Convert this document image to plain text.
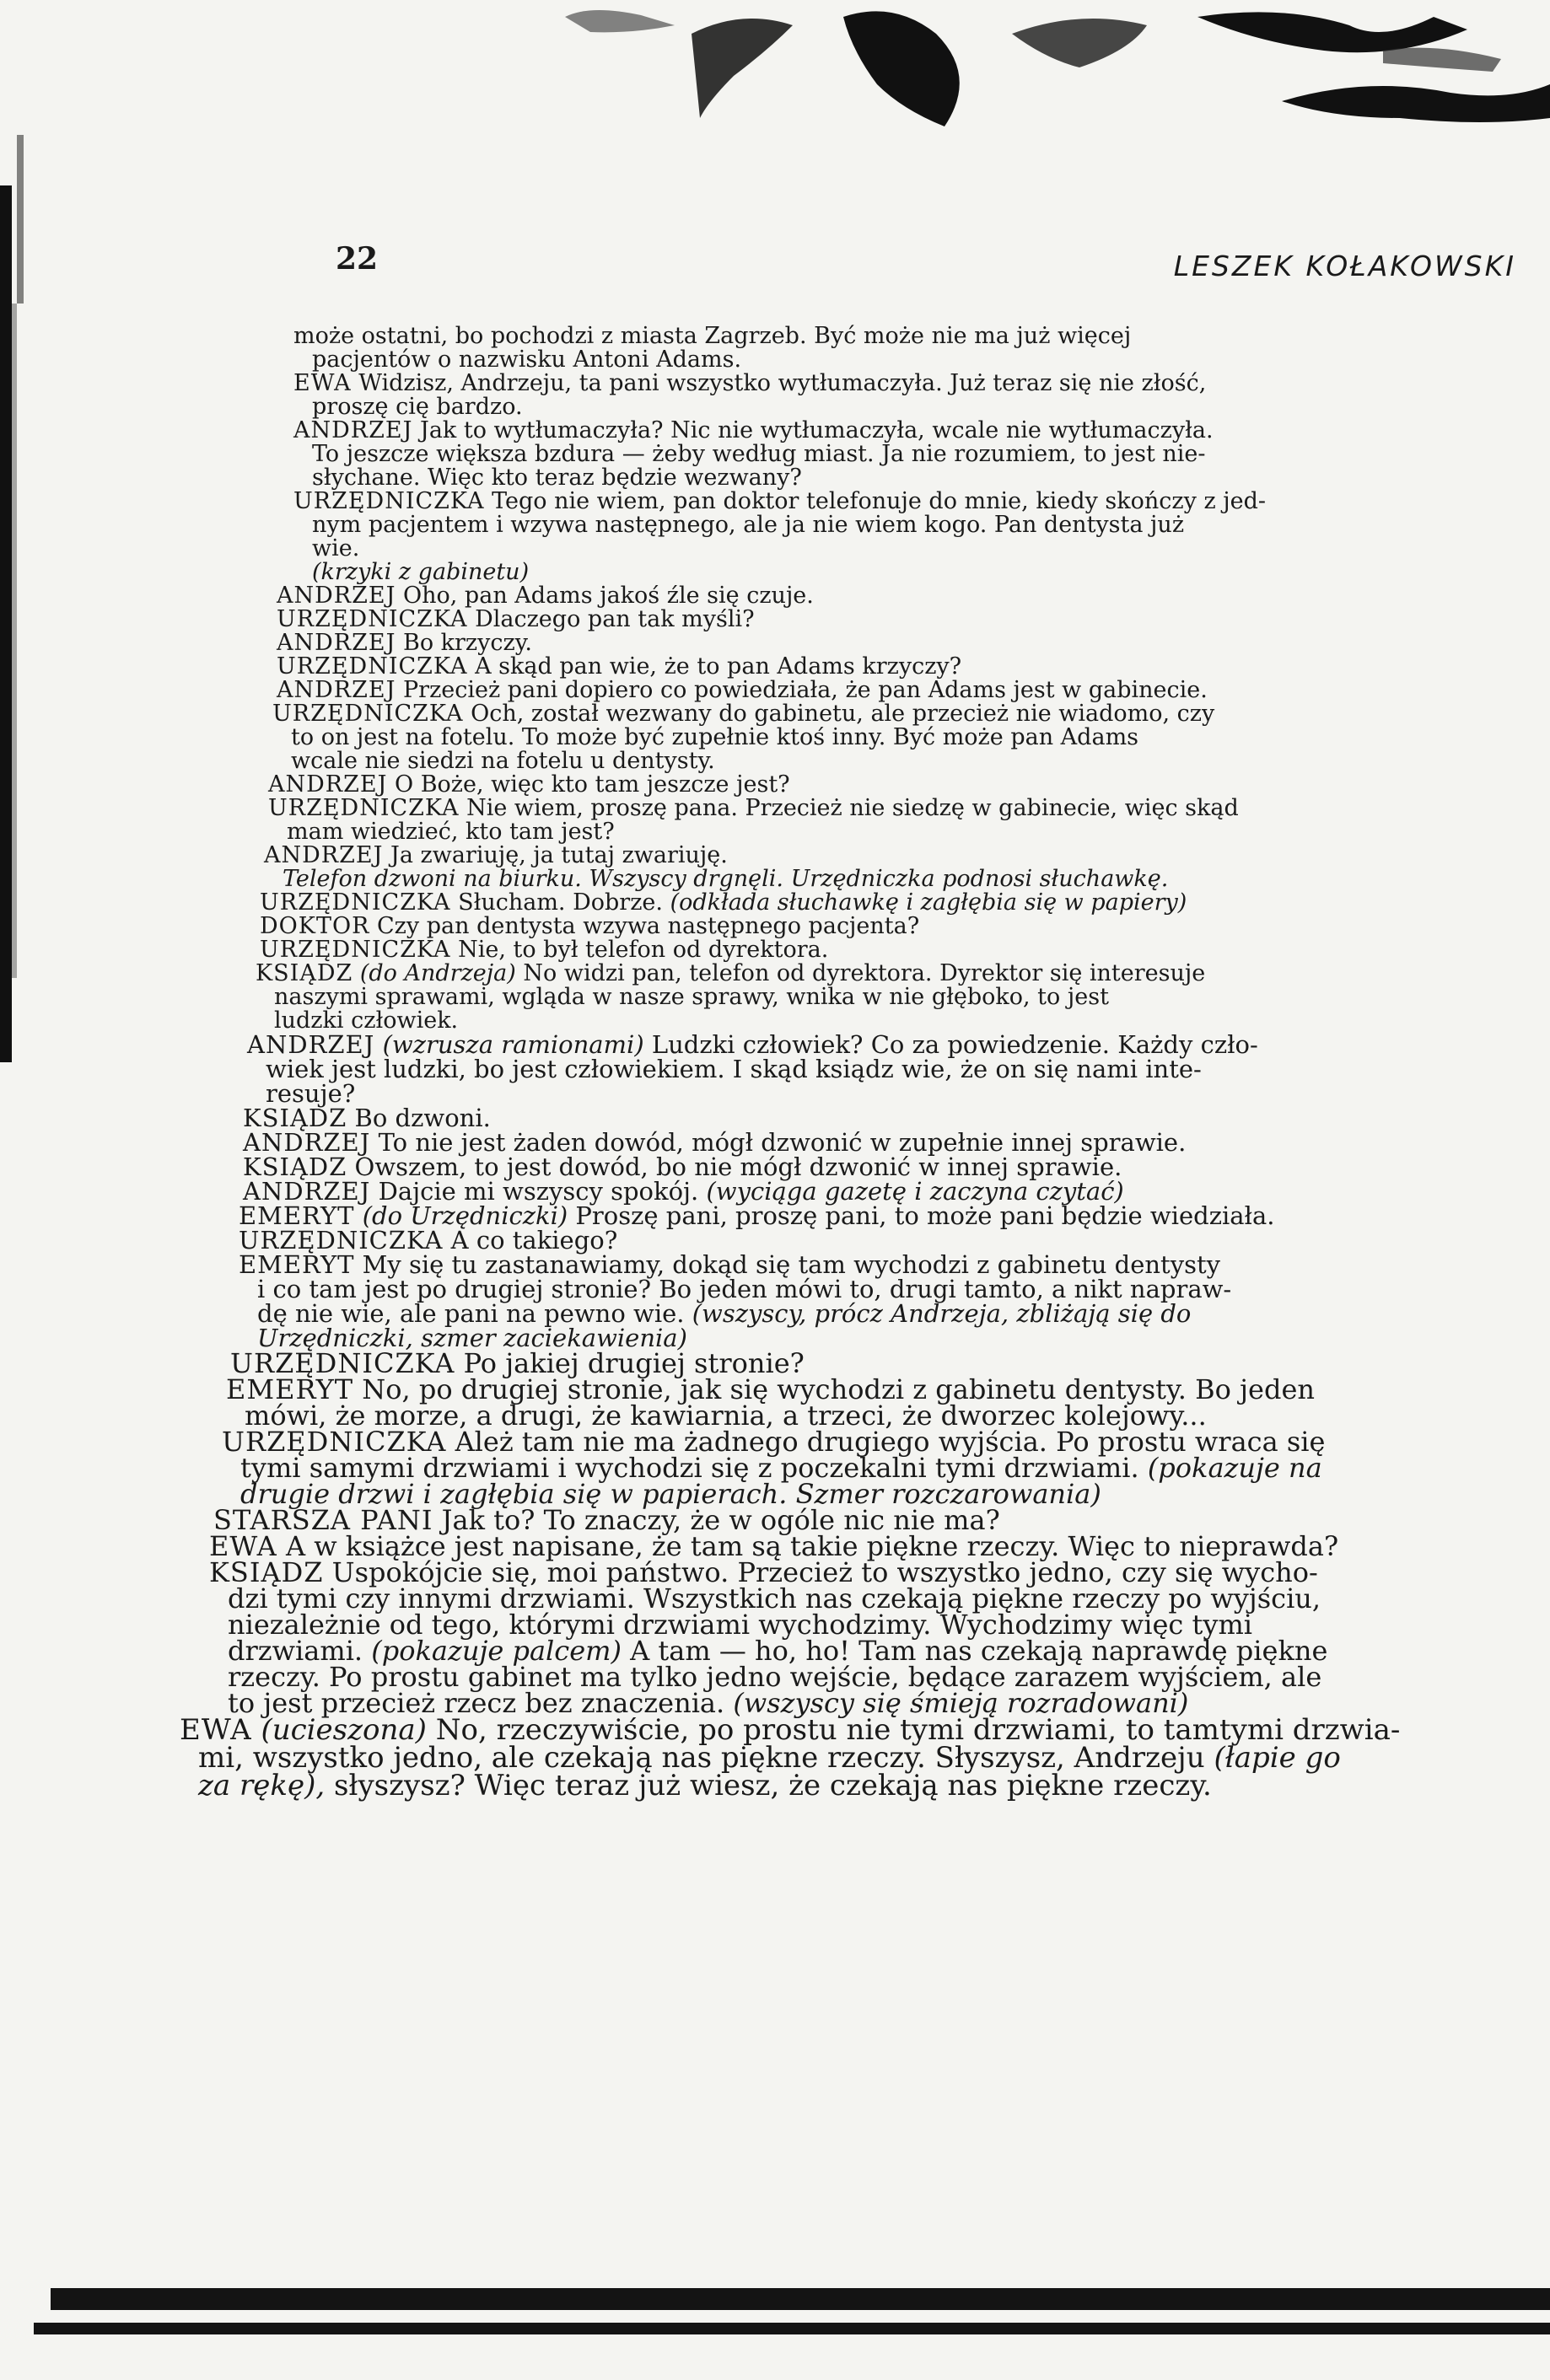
22	LESZEK KOŁAKOWSKI
może ostatni, bo pochodzi z miasta Zagrzeb. Być może nie ma już więcej
pacjentów o nazwisku Antoni Adams.
EWA Widzisz, Andrzeju, ta pani wszystko wytłumaczyła. Już teraz się nie złość,
proszę cię bardzo.
ANDRZEJ Jak to wytłumaczyła? Nic nie wytłumaczyła, wcale nie wytłumaczyła.
To jeszcze większa bzdura — żeby według miast. Ja nie rozumiem, to jest nie-
słychane. Więc kto teraz będzie wezwany?
URZĘDNICZKA Tego nie wiem, pan doktor telefonuje do mnie, kiedy skończy z jed-
nym pacjentem i wzywa następnego, ale ja nie wiem kogo. Pan dentysta już
wie.
(krzyki z gabinetu)
ANDRZEJ Oho, pan Adams jakoś źle się czuje.
URZĘDNICZKA Dlaczego pan tak myśli?
ANDRZEJ Bo krzyczy.
URZĘDNICZKA A skąd pan wie, że to pan Adams krzyczy?
ANDRZEJ Przecież pani dopiero co powiedziała, że pan Adams jest w gabinecie.
URZĘDNICZKA Och, został wezwany do gabinetu, ale przecież nie wiadomo, czy
to on jest na fotelu. To może być zupełnie ktoś inny. Być może pan Adams
wcale nie siedzi na fotelu u dentysty.
ANDRZEJ O Boże, więc kto tam jeszcze jest?
URZĘDNICZKA Nie wiem, proszę pana. Przecież nie siedzę w gabinecie, więc skąd
mam wiedzieć, kto tam jest?
ANDRZEJ Ja zwariuję, ja tutaj zwariuję.
Telefon dzwoni na biurku. Wszyscy drgnęli. Urzędniczka podnosi słuchawkę.
URZĘDNICZKA Słucham. Dobrze. (odkłada słuchawkę i zagłębia się w papiery)
DOKTOR Czy pan dentysta wzywa następnego pacjenta?
URZĘDNICZKA Nie, to był telefon od dyrektora.
KSIĄDZ (do Andrzeja) No widzi pan, telefon od dyrektora. Dyrektor się interesuje
naszymi sprawami, wgląda w nasze sprawy, wnika w nie głęboko, to jest
ludzki człowiek.
ANDRZEJ (wzrusza ramionami) Ludzki człowiek? Co za powiedzenie. Każdy czło-
wiek jest ludzki, bo jest człowiekiem. I skąd ksiądz wie, że on się nami inte-
resuje?
KSIĄDZ Bo dzwoni.
ANDRZEJ To nie jest żaden dowód, mógł dzwonić w zupełnie innej sprawie.
KSIĄDZ Owszem, to jest dowód, bo nie mógł dzwonić w innej sprawie.
ANDRZEJ Dajcie mi wszyscy spokój. (wyciąga gazetę i zaczyna czytać)
EMERYT (do Urzędniczki) Proszę pani, proszę pani, to może pani będzie wiedziała.
URZĘDNICZKA A co takiego?
EMERYT My się tu zastanawiamy, dokąd się tam wychodzi z gabinetu dentysty
i co tam jest po drugiej stronie? Bo jeden mówi to, drugi tamto, a nikt napraw-
dę nie wie, ale pani na pewno wie. (wszyscy, prócz Andrzeja, zbliżają się do
Urzędniczki, szmer zaciekawienia)
URZĘDNICZKA Po jakiej drugiej stronie?
EMERYT No, po drugiej stronie, jak się wychodzi z gabinetu dentysty. Bo jeden
mówi, że morze, a drugi, że kawiarnia, a trzeci, że dworzec kolejowy...
URZĘDNICZKA Ależ tam nie ma żadnego drugiego wyjścia. Po prostu wraca się
tymi samymi drzwiami i wychodzi się z poczekalni tymi drzwiami. (pokazuje na
drugie drzwi i zagłębia się w papierach. Szmer rozczarowania)
STARSZA PANI Jak to? To znaczy, że w ogóle nic nie ma?
EWA A w książce jest napisane, że tam są takie piękne rzeczy. Więc to nieprawda?
KSIĄDZ Uspokójcie się, moi państwo. Przecież to wszystko jedno, czy się wycho-
dzi tymi czy innymi drzwiami. Wszystkich nas czekają piękne rzeczy po wyjściu,
niezależnie od tego, którymi drzwiami wychodzimy. Wychodzimy więc tymi
drzwiami. (pokazuje palcem) A tam — ho, ho! Tam nas czekają naprawdę piękne
rzeczy. Po prostu gabinet ma tylko jedno wejście, będące zarazem wyjściem, ale
to jest przecież rzecz bez znaczenia. (wszyscy się śmieją rozradowani)
EWA (ucieszona) No, rzeczywiście, po prostu nie tymi drzwiami, to tamtymi drzwia-
mi, wszystko jedno, ale czekają nas piękne rzeczy. Słyszysz, Andrzeju (łapie go
za rękę), słyszysz? Więc teraz już wiesz, że czekają nas piękne rzeczy.
